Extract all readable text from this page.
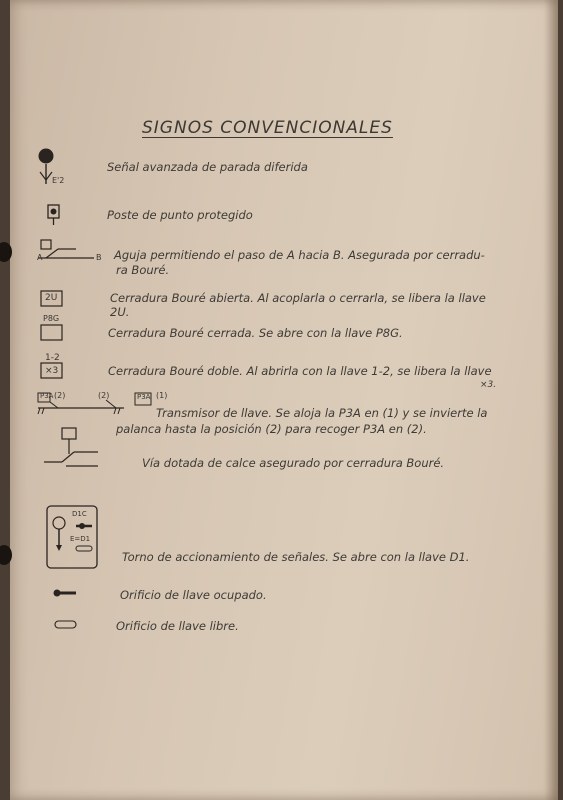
SIGNOS CONVENCIONALES
E'2
Señal avanzada de parada diferida
Poste de punto protegido
A	B Aguja permitiendo el paso de A hacia B. Asegurada por cerradu-
ra Bouré.
2U	Cerradura Bouré abierta. Al acoplarla o cerrarla, se libera la llave
2U.
P8G
Cerradura Bouré cerrada. Se abre con la llave P8G.
1-2
×3	Cerradura Bouré doble. Al abrirla con la llave 1-2, se libera la llave
×3.
P3A (2)	(2)	P3A (1)
Transmisor de llave. Se aloja la P3A en (1) y se invierte la
palanca hasta la posición (2) para recoger P3A en (2).
Vía dotada de calce asegurado por cerradura Bouré.
D1C
E=D1
Torno de accionamiento de señales. Se abre con la llave D1.
Orificio de llave ocupado.
Orificio de llave libre.
